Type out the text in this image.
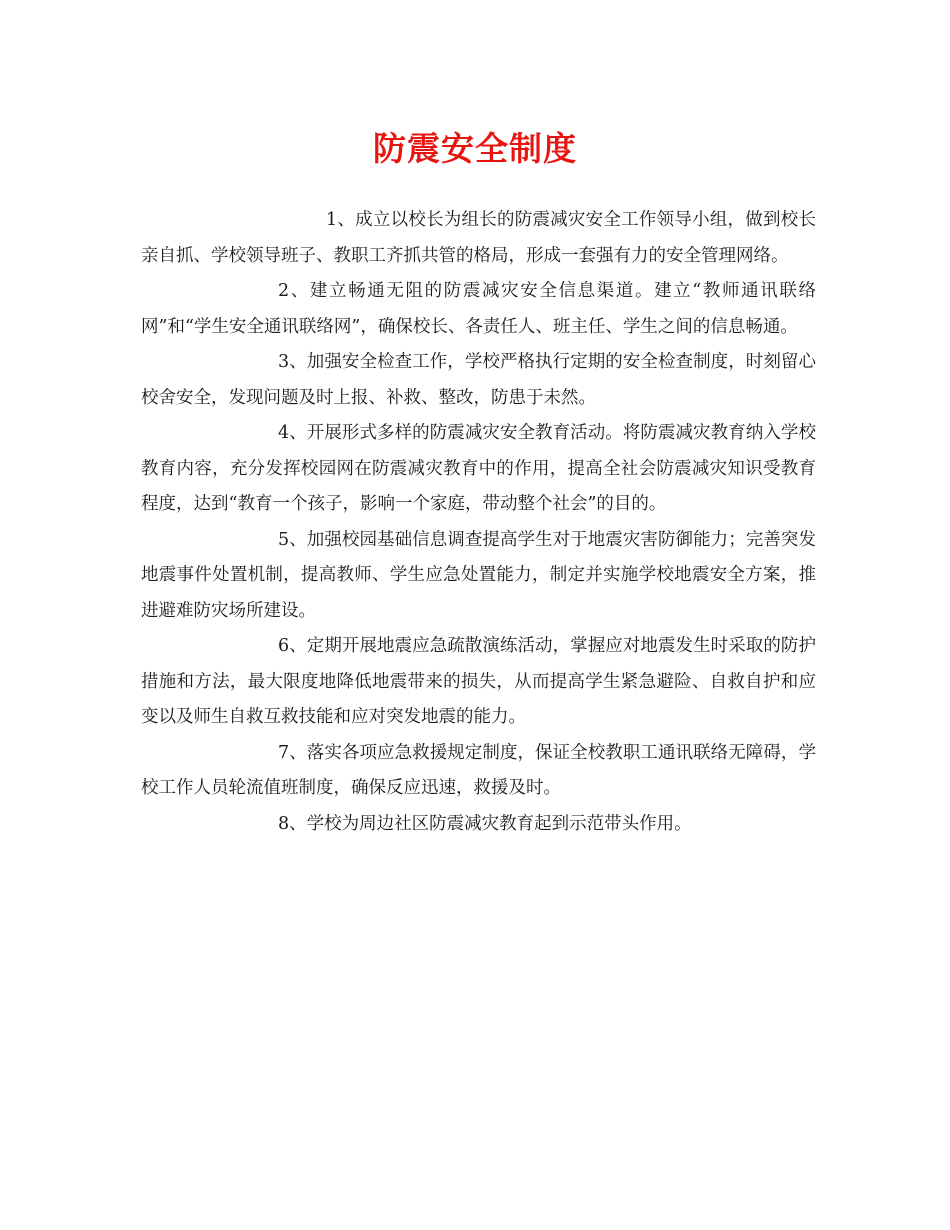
防震安全制度

1、成立以校长为组长的防震减灾安全工作领导小组，做到校长亲自抓、学校领导班子、教职工齐抓共管的格局，形成一套强有力的安全管理网络。

2、建立畅通无阻的防震减灾安全信息渠道。建立“教师通讯联络网”和“学生安全通讯联络网”，确保校长、各责任人、班主任、学生之间的信息畅通。

3、加强安全检查工作，学校严格执行定期的安全检查制度，时刻留心校舍安全，发现问题及时上报、补救、整改，防患于未然。

4、开展形式多样的防震减灾安全教育活动。将防震减灾教育纳入学校教育内容，充分发挥校园网在防震减灾教育中的作用，提高全社会防震减灾知识受教育程度，达到“教育一个孩子，影响一个家庭，带动整个社会”的目的。

5、加强校园基础信息调查提高学生对于地震灾害防御能力；完善突发地震事件处置机制，提高教师、学生应急处置能力，制定并实施学校地震安全方案，推进避难防灾场所建设。

6、定期开展地震应急疏散演练活动，掌握应对地震发生时采取的防护措施和方法，最大限度地降低地震带来的损失，从而提高学生紧急避险、自救自护和应变以及师生自救互救技能和应对突发地震的能力。

7、落实各项应急救援规定制度，保证全校教职工通讯联络无障碍，学校工作人员轮流值班制度，确保反应迅速，救援及时。

8、学校为周边社区防震减灾教育起到示范带头作用。
